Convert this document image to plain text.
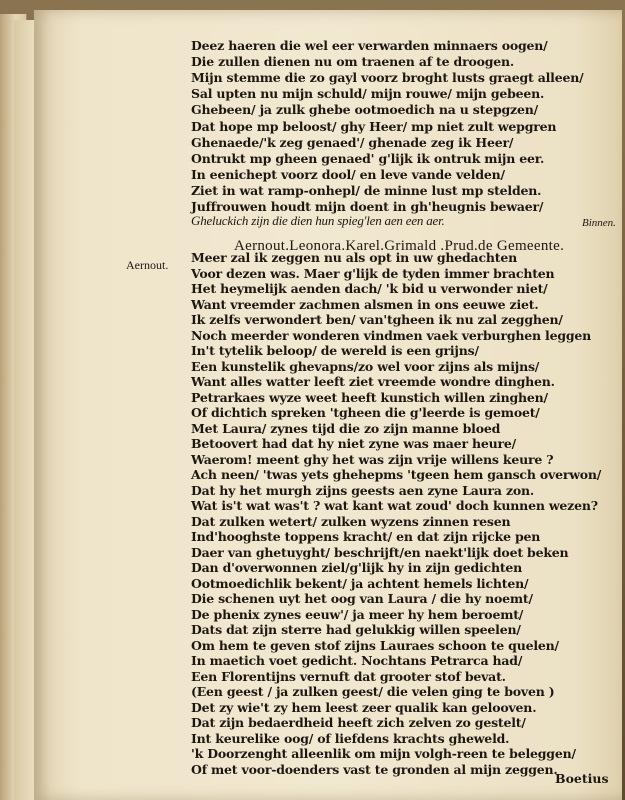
Deez haeren die wel eer verwarden minnaers oogen/
Die zullen dienen nu om traenen af te droogen.
Mijn stemme die zo gayl voorz broght lusts graegt alleen/
Sal upten nu mijn schuld/ mijn rouwe/ mijn gebeen.
Ghebeen/ ja zulk ghebe ootmoedich na u stepgzen/
Dat hope mp beloost/ ghy Heer/ mp niet zult wepgren
Ghenaede/'k zeg genaed'/ ghenade zeg ik Heer/
Ontrukt mp gheen genaed' g'lijk ik ontruk mijn eer.
In eenichept voorz dool/ en leve vande velden/
Ziet in wat ramp-onhepl/ de minne lust mp stelden.
Juffrouwen houdt mijn doent in gh'heugnis bewaer/
Gheluckich zijn die dien hun spieg'len aen een aer.	Binnen.
Aernout.Leonora.Karel.Grimald .Prud.de Gemeente.
Aernout. Meer zal ik zeggen nu als opt in uw ghedachten
Voor dezen was. Maer g'lijk de tyden immer brachten
Het heymelijk aenden dach/ 'k bid u verwonder niet/
Want vreemder zachmen alsmen in ons eeuwe ziet.
Ik zelfs verwondert ben/ van'tgheen ik nu zal zegghen/
Noch meerder wonderen vindmen vaek verburghen leggen
In't tytelik beloop/ de wereld is een grijns/
Een kunstelik ghevapns/zo wel voor zijns als mijns/
Want alles watter leeft ziet vreemde wondre dinghen.
Petrarkaes wyze weet heeft kunstich willen zinghen/
Of dichtich spreken 'tgheen die g'leerde is gemoet/
Met Laura/ zynes tijd die zo zijn manne bloed
Betoovert had dat hy niet zyne was maer heure/
Waerom! meent ghy het was zijn vrije willens keure ?
Ach neen/ 'twas yets ghehepms 'tgeen hem gansch overwon/
Dat hy het murgh zijns geests aen zyne Laura zon.
Wat is't wat was't ? wat kant wat zoud' doch kunnen wezen?
Dat zulken wetert/ zulken wyzens zinnen resen
Ind'hooghste toppens kracht/ en dat zijn rijcke pen
Daer van ghetuyght/ beschrijft/en naekt'lijk doet beken
Dan d'overwonnen ziel/g'lijk hy in zijn gedichten
Ootmoedichlik bekent/ ja achtent hemels lichten/
Die schenen uyt het oog van Laura / die hy noemt/
De phenix zynes eeuw'/ ja meer hy hem beroemt/
Dats dat zijn sterre had gelukkig willen speelen/
Om hem te geven stof zijns Lauraes schoon te quelen/
In maetich voet gedicht. Nochtans Petrarca had/
Een Florentijns vernuft dat grooter stof bevat.
(Een geest / ja zulken geest/ die velen ging te boven )
Det zy wie't zy hem leest zeer qualik kan gelooven.
Dat zijn bedaerdheid heeft zich zelven zo gestelt/
Int keurelike oog/ of liefdens krachts gheweld.
'k Doorzenght alleenlik om mijn volgh-reen te beleggen/
Of met voor-doenders vast te gronden al mijn zeggen.
Boetius
